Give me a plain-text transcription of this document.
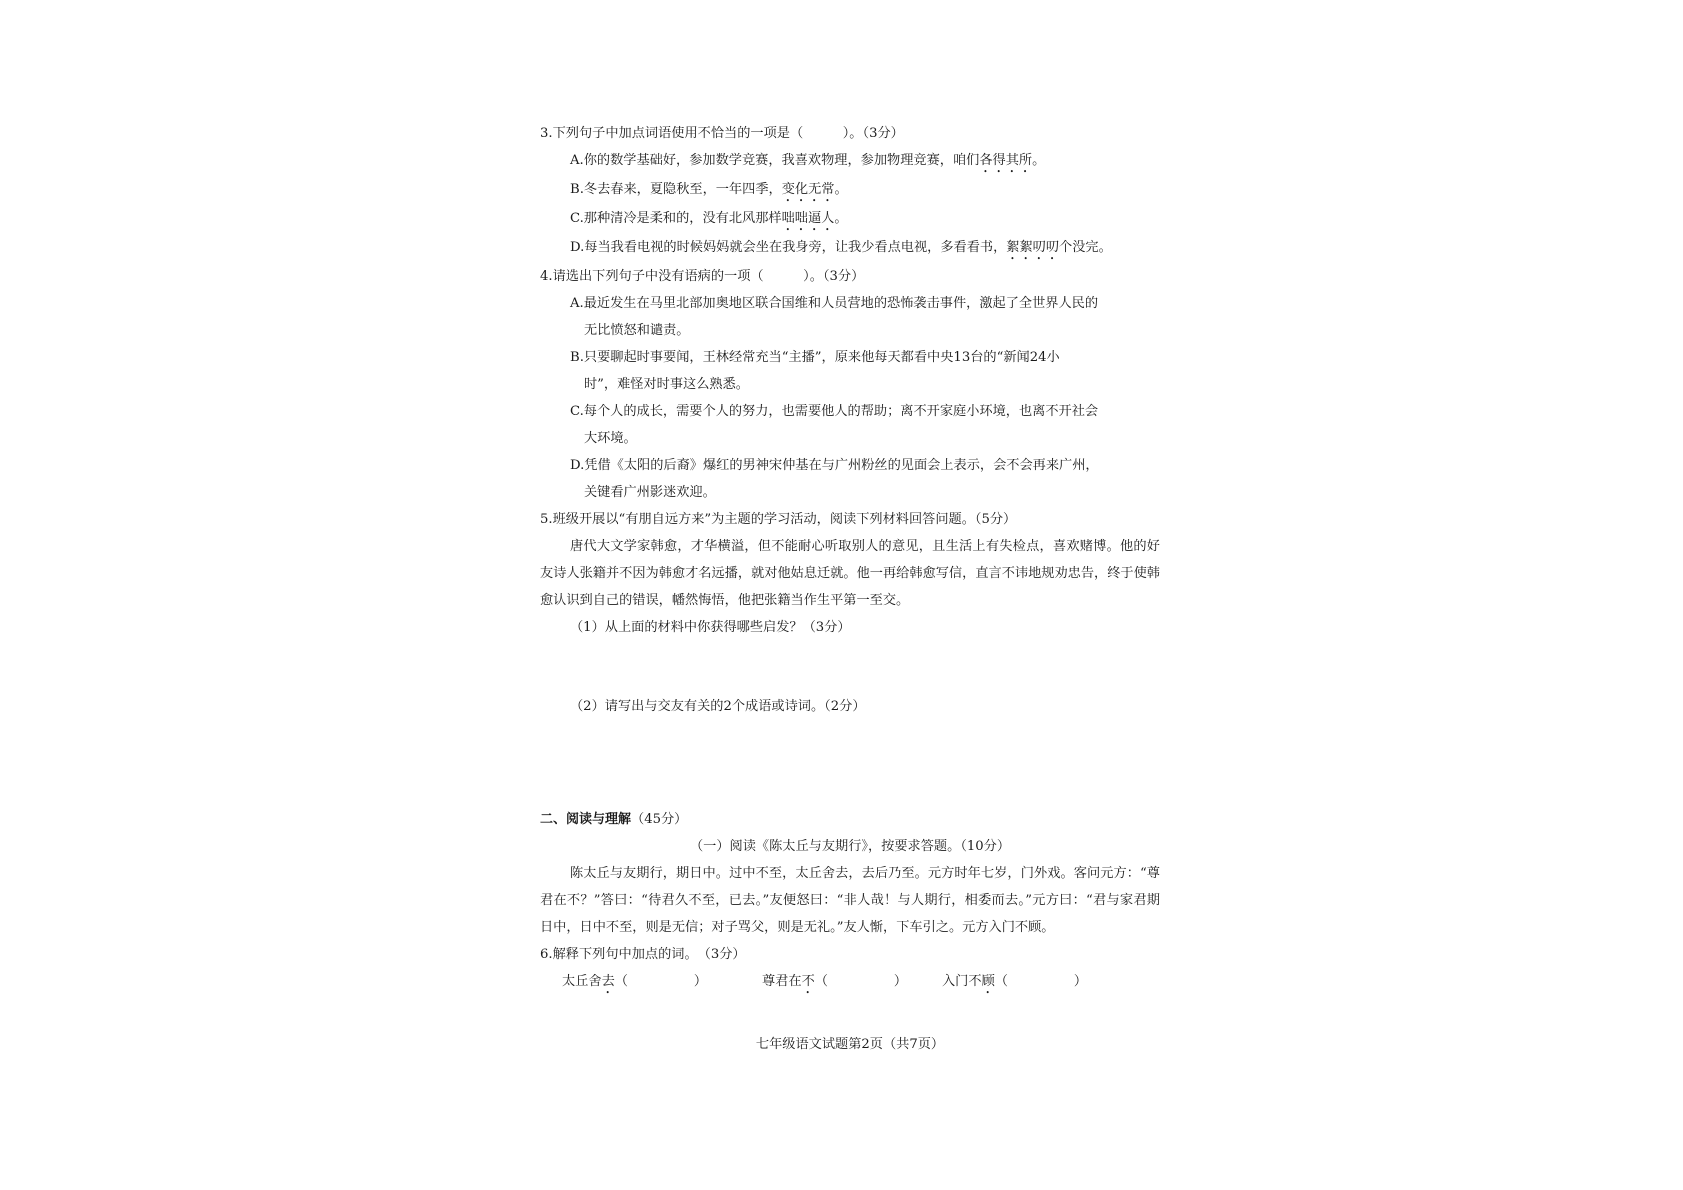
3.下列句子中加点词语使用不恰当的一项是（　　　）。（3分）
A.你的数学基础好，参加数学竞赛，我喜欢物理，参加物理竞赛，咱们各得其所。
B.冬去春来，夏隐秋至，一年四季，变化无常。
C.那种清冷是柔和的，没有北风那样咄咄逼人。
D.每当我看电视的时候妈妈就会坐在我身旁，让我少看点电视，多看看书，絮絮叨叨个没完。
4.请选出下列句子中没有语病的一项（　　　）。（3分）
A.最近发生在马里北部加奥地区联合国维和人员营地的恐怖袭击事件，激起了全世界人民的
无比愤怒和谴责。
B.只要聊起时事要闻，王林经常充当“主播”，原来他每天都看中央13台的“新闻24小
时”，难怪对时事这么熟悉。
C.每个人的成长，需要个人的努力，也需要他人的帮助；离不开家庭小环境，也离不开社会
大环境。
D.凭借《太阳的后裔》爆红的男神宋仲基在与广州粉丝的见面会上表示，会不会再来广州，
关键看广州影迷欢迎。
5.班级开展以“有朋自远方来”为主题的学习活动，阅读下列材料回答问题。（5分）
唐代大文学家韩愈，才华横溢，但不能耐心听取别人的意见，且生活上有失检点，喜欢赌博。他的好友诗人张籍并不因为韩愈才名远播，就对他姑息迁就。他一再给韩愈写信，直言不讳地规劝忠告，终于使韩愈认识到自己的错误，幡然悔悟，他把张籍当作生平第一至交。
（1）从上面的材料中你获得哪些启发？（3分）
（2）请写出与交友有关的2个成语或诗词。（2分）
二、阅读与理解（45分）
（一）阅读《陈太丘与友期行》，按要求答题。（10分）
陈太丘与友期行，期日中。过中不至，太丘舍去，去后乃至。元方时年七岁，门外戏。客问元方：“尊君在不？”答曰：“待君久不至，已去。”友便怒曰：“非人哉！与人期行，相委而去。”元方曰：“君与家君期日中，日中不至，则是无信；对子骂父，则是无礼。”友人惭，下车引之。元方入门不顾。
6.解释下列句中加点的词。　（3分）
太丘舍去（　　　　　）	尊君在不（　　　　　）	入门不顾（　　　　　）
七年级语文试题第2页（共7页）
